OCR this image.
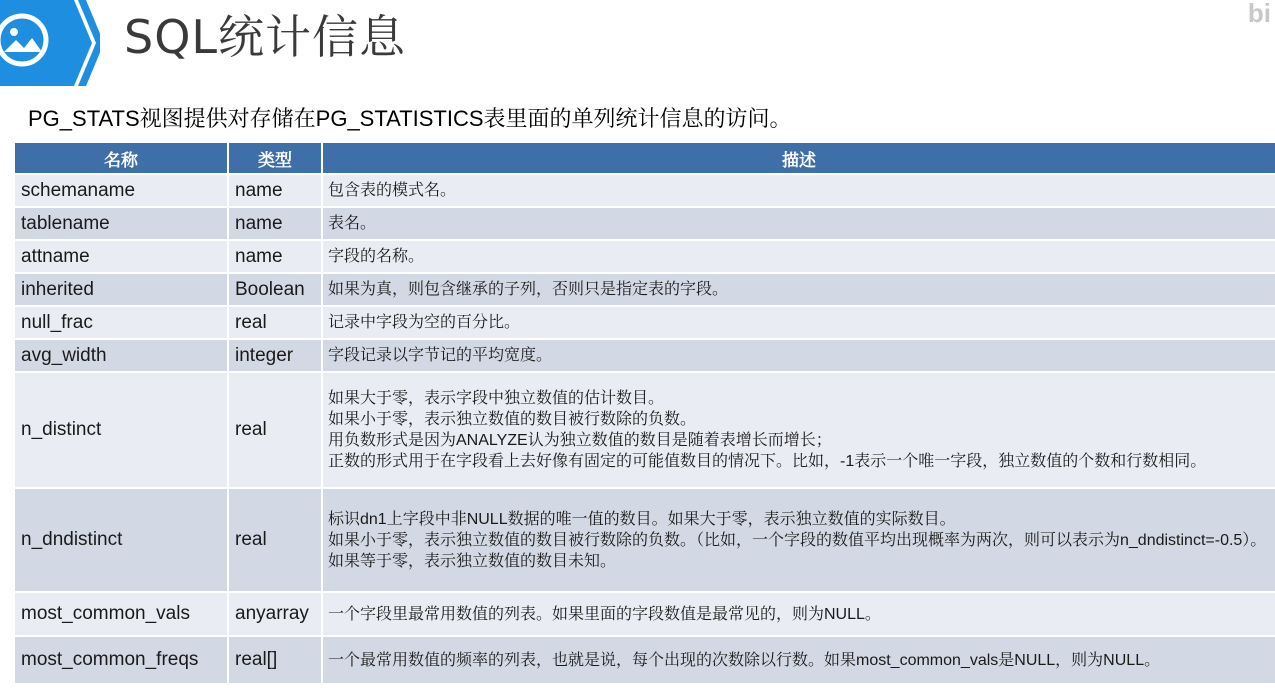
SQL统计信息	bi
PG_STATS视图提供对存储在PG_STATISTICS表里面的单列统计信息的访问。
名称	类型	描述
schemaname	name	包含表的模式名。

tablename	name	表名。

attname	name	字段的名称。

inherited	Boolean	如果为真，则包含继承的子列，否则只是指定表的字段。

null_frac	real	记录中字段为空的百分比。

avg_width	integer	字段记录以字节记的平均宽度。

n_distinct	real	如果大于零，表示字段中独立数值的估计数目。
如果小于零，表示独立数值的数目被行数除的负数。
用负数形式是因为ANALYZE认为独立数值的数目是随着表增长而增长；
正数的形式用于在字段看上去好像有固定的可能值数目的情况下。比如，-1表示一个唯一字段，独立数值的个数和行数相同。

n_dndistinct	real	标识dn1上字段中非NULL数据的唯一值的数目。如果大于零，表示独立数值的实际数目。
如果小于零，表示独立数值的数目被行数除的负数。（比如，一个字段的数值平均出现概率为两次，则可以表示为n_dndistinct=-0.5）。
如果等于零，表示独立数值的数目未知。

most_common_vals	anyarray	一个字段里最常用数值的列表。如果里面的字段数值是最常见的，则为NULL。

most_common_freqs	real[]	一个最常用数值的频率的列表，也就是说，每个出现的次数除以行数。如果most_common_vals是NULL，则为NULL。
